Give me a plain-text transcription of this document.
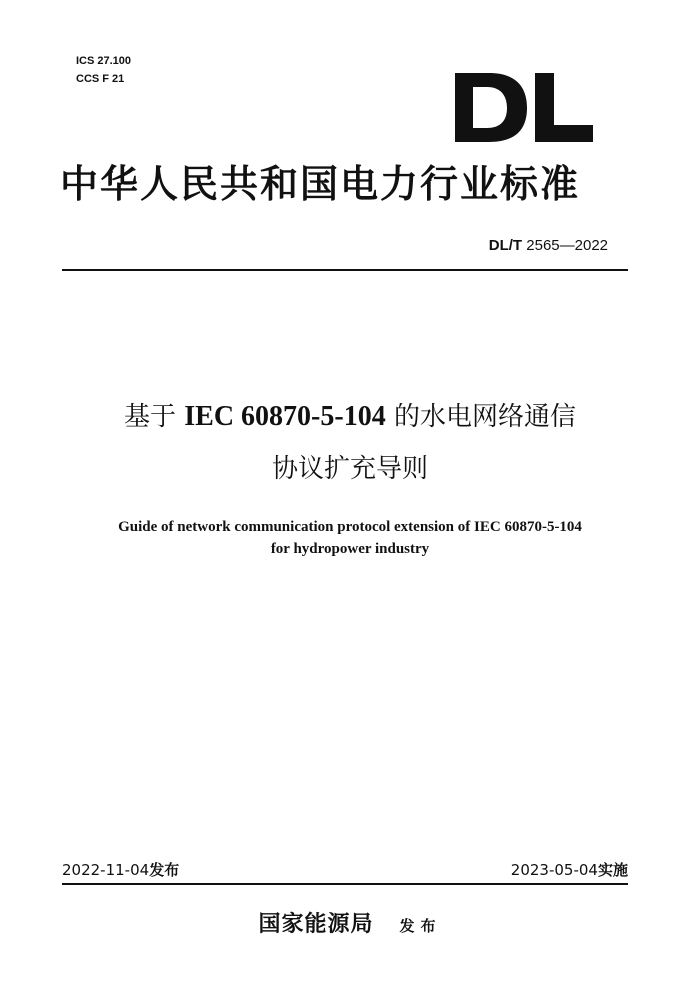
ICS 27.100
CCS F 21
DL
中华人民共和国电力行业标准
DL/T 2565—2022
基于 IEC 60870-5-104 的水电网络通信
协议扩充导则
Guide of network communication protocol extension of IEC 60870-5-104
for hydropower industry
2022-11-04发布	2023-05-04实施
国家能源局 发布
